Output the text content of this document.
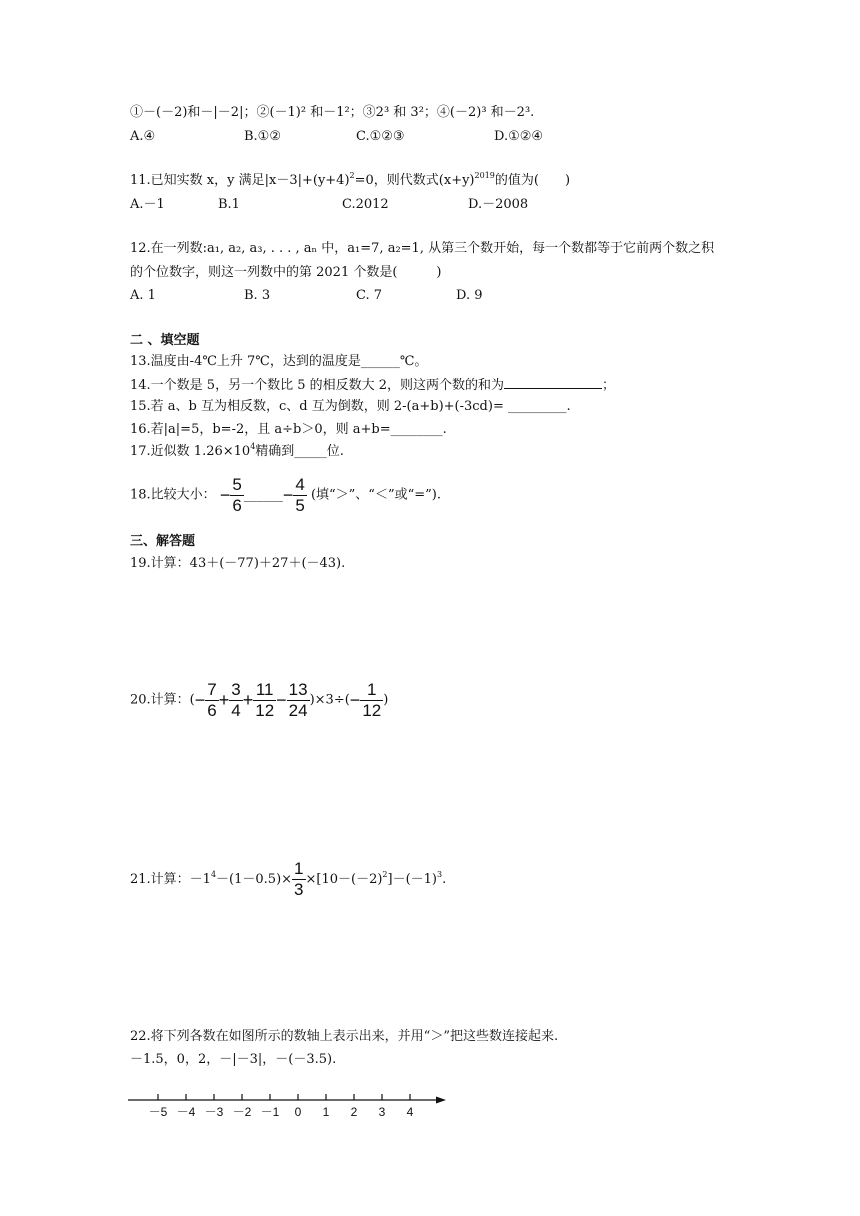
①－(－2)和－|－2|；②(－1)² 和－1²；③2³ 和 3²；④(－2)³ 和－2³.
A.④	B.①②	C.①②③	D.①②④
11.已知实数 x，y 满足$|x-3|+(y+4)^2=0$，则代数式$(x+y)^{2019}$的值为(　　)
A.－1	B.1	C.2012	D.－2008
12.在一列数:a₁, a₂, a₃, . . . , aₙ 中，a₁=7, a₂=1, 从第三个数开始，每一个数都等于它前两个数之积
的个位数字，则这一列数中的第 2021 个数是(　　　)
A. 1	B. 3	C. 7	D. 9
二 、填空题
13.温度由-4℃上升 7℃，达到的温度是______℃。
14.一个数是 5，另一个数比 5 的相反数大 2，则这两个数的和为	；
15.若 a、b 互为相反数，c、d 互为倒数，则 2-(a+b)+(-3cd)= _________.
16.若|a|=5，b=-2，且 a÷b＞0，则 a+b=________.
17.近似数 $1.26\times 10^4$精确到_____位.
18.比较大小： − $\frac{5}{6}$ ______− $\frac{4}{5}$ (填“＞”、“＜”或“=”).
三、解答题
19.计算：43＋(－77)＋27＋(－43).
20.计算：(− $\frac{7}{6} + \frac{3}{4} + \frac{11}{12} - \frac{13}{24} )\times 3\div(- \frac{1}{12}$ )
21.计算：$-1^4-(1-0.5)\times \frac{1}{3} \times[10-(-2)^2]-(-1)^3$.
22.将下列各数在如图所示的数轴上表示出来，并用“＞”把这些数连接起来.
－1.5，0，2，－|－3|，－(－3.5).
－5 －4 －3 －2 －1 0 1 2 3 4
